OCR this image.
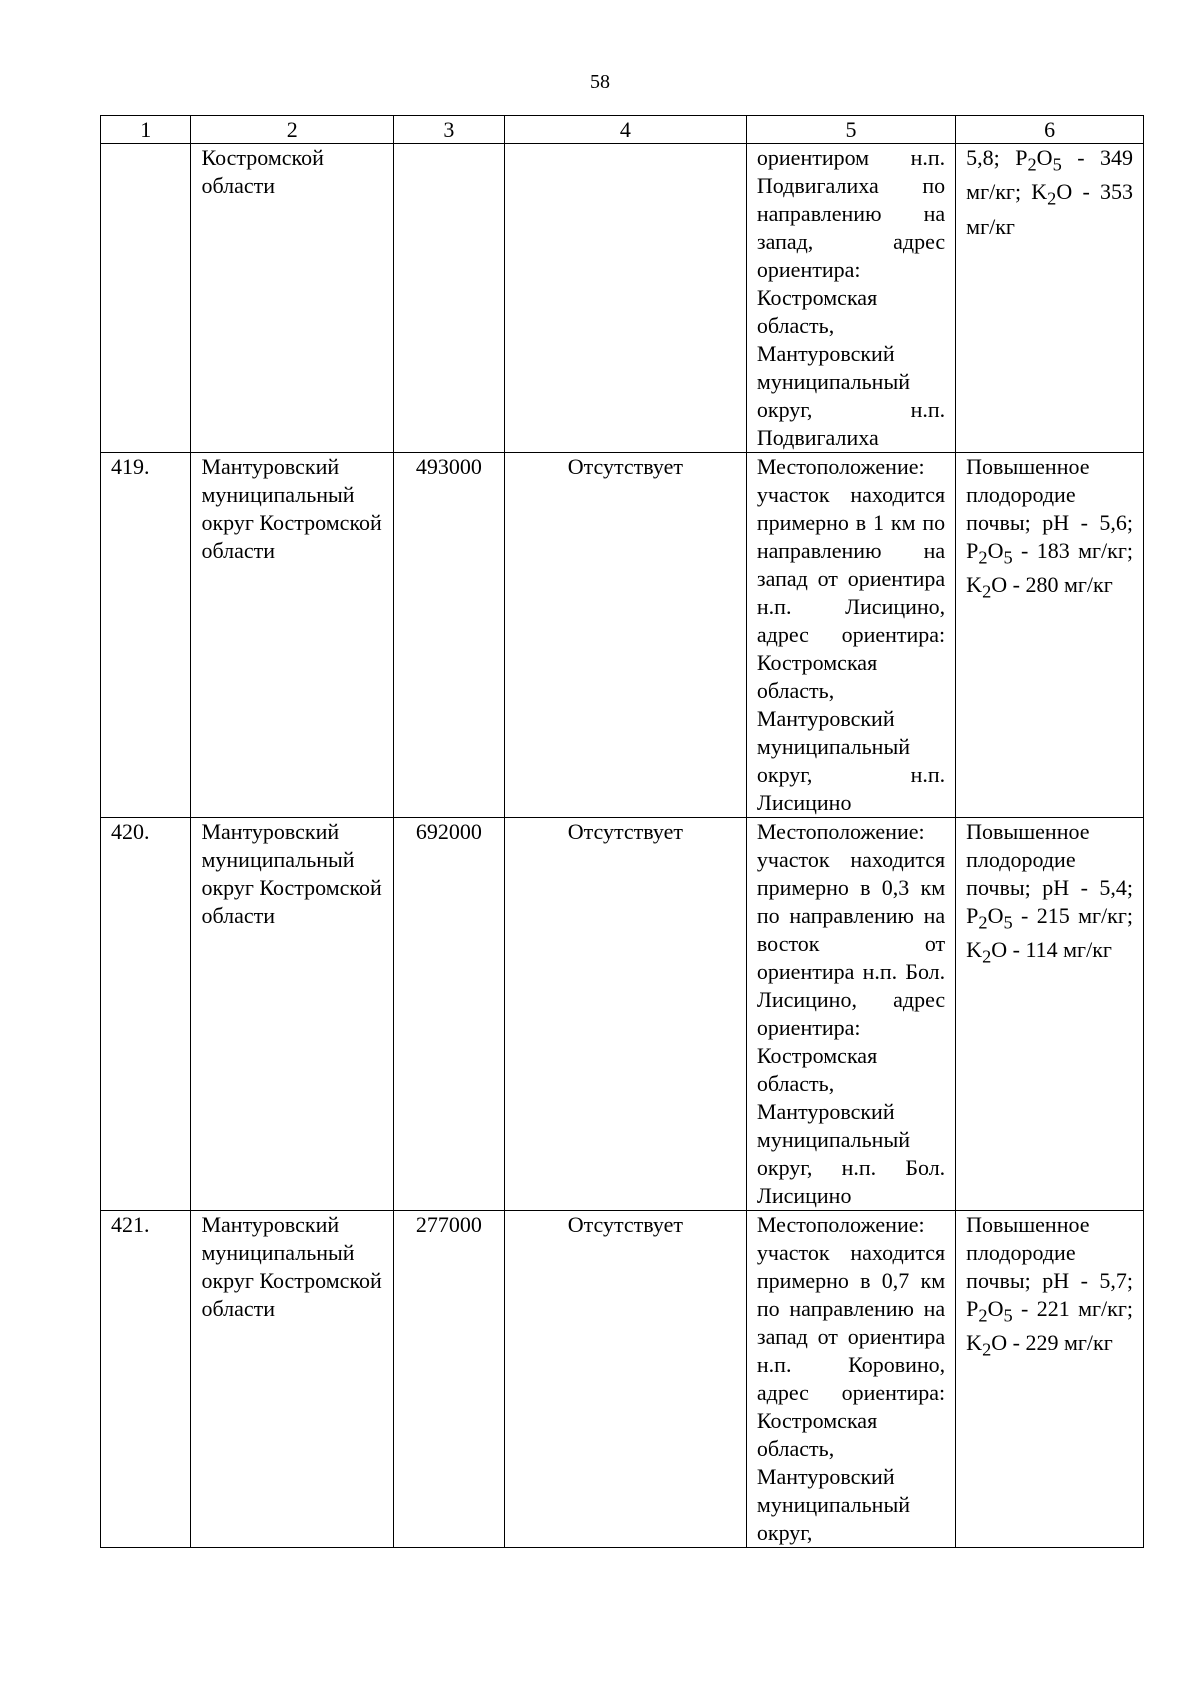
58
1	2	3	4	5	6
	Костромской области			ориентиром н.п. Подвигалиха по направлению на запад, адрес ориентира: Костромская область, Мантуровский муниципальный округ, н.п. Подвигалиха	5,8; $P_2O_5 - 349$ мг/кг; $K_2O - 353$ мг/кг
419.	Мантуровский муниципальный округ Костромской области	493000	Отсутствует	Местоположение: участок находится примерно в 1 км по направлению на запад от ориентира н.п. Лисицино, адрес ориентира: Костромская область, Мантуровский муниципальный округ, н.п. Лисицино	Повышенное плодородие почвы; pH - 5,6; $P_2O_5 - 183$ мг/кг; $K_2O - 280$ мг/кг
420.	Мантуровский муниципальный округ Костромской области	692000	Отсутствует	Местоположение: участок находится примерно в 0,3 км по направлению на восток от ориентира н.п. Бол. Лисицино, адрес ориентира: Костромская область, Мантуровский муниципальный округ, н.п. Бол. Лисицино	Повышенное плодородие почвы; pH - 5,4; $P_2O_5 - 215$ мг/кг; $K_2O - 114$ мг/кг
421.	Мантуровский муниципальный округ Костромской области	277000	Отсутствует	Местоположение: участок находится примерно в 0,7 км по направлению на запад от ориентира н.п. Коровино, адрес ориентира: Костромская область, Мантуровский муниципальный округ,	Повышенное плодородие почвы; pH - 5,7; $P_2O_5 - 221$ мг/кг; $K_2O - 229$ мг/кг
